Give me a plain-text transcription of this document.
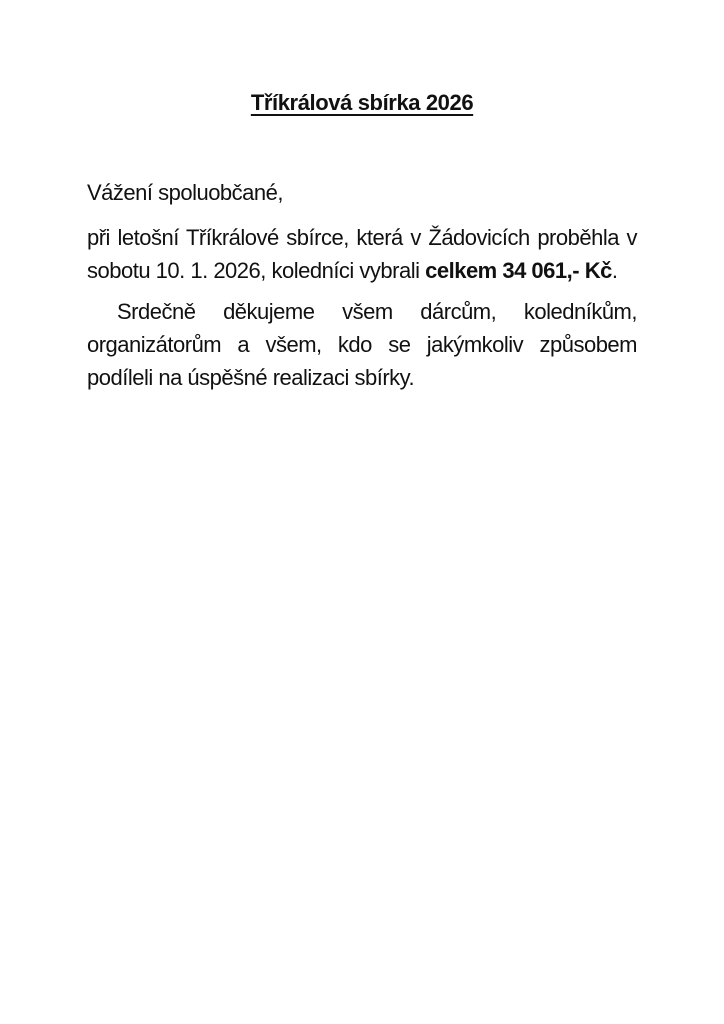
Tříkrálová sbírka 2026

Vážení spoluobčané,

při letošní Tříkrálové sbírce, která v Žádovicích proběhla v sobotu 10. 1. 2026, koledníci vybrali celkem 34 061,- Kč.

Srdečně děkujeme všem dárcům, koledníkům, organizátorům a všem, kdo se jakýmkoliv způsobem podíleli na úspěšné realizaci sbírky.
